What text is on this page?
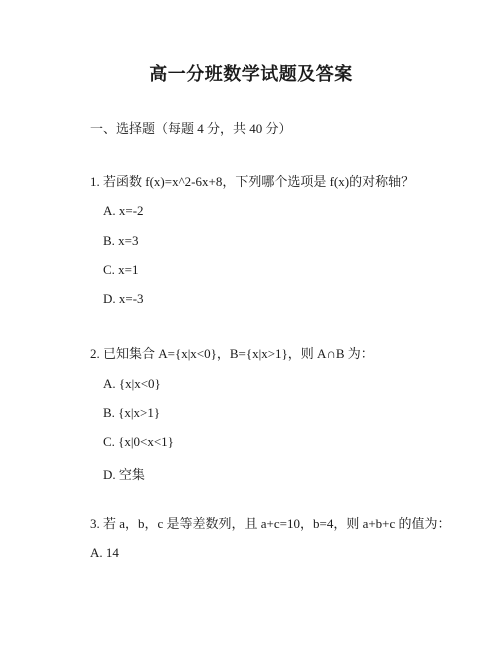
高一分班数学试题及答案
一、选择题（每题 4 分，共 40 分）
1. 若函数 f(x)=x^2-6x+8，下列哪个选项是 f(x)的对称轴？
A. x=-2
B. x=3
C. x=1
D. x=-3
2. 已知集合 A={x|x<0}，B={x|x>1}，则 A∩B 为：
A. {x|x<0}
B. {x|x>1}
C. {x|0<x<1}
D. 空集
3. 若 a，b，c 是等差数列，且 a+c=10，b=4，则 a+b+c 的值为：
A. 14
